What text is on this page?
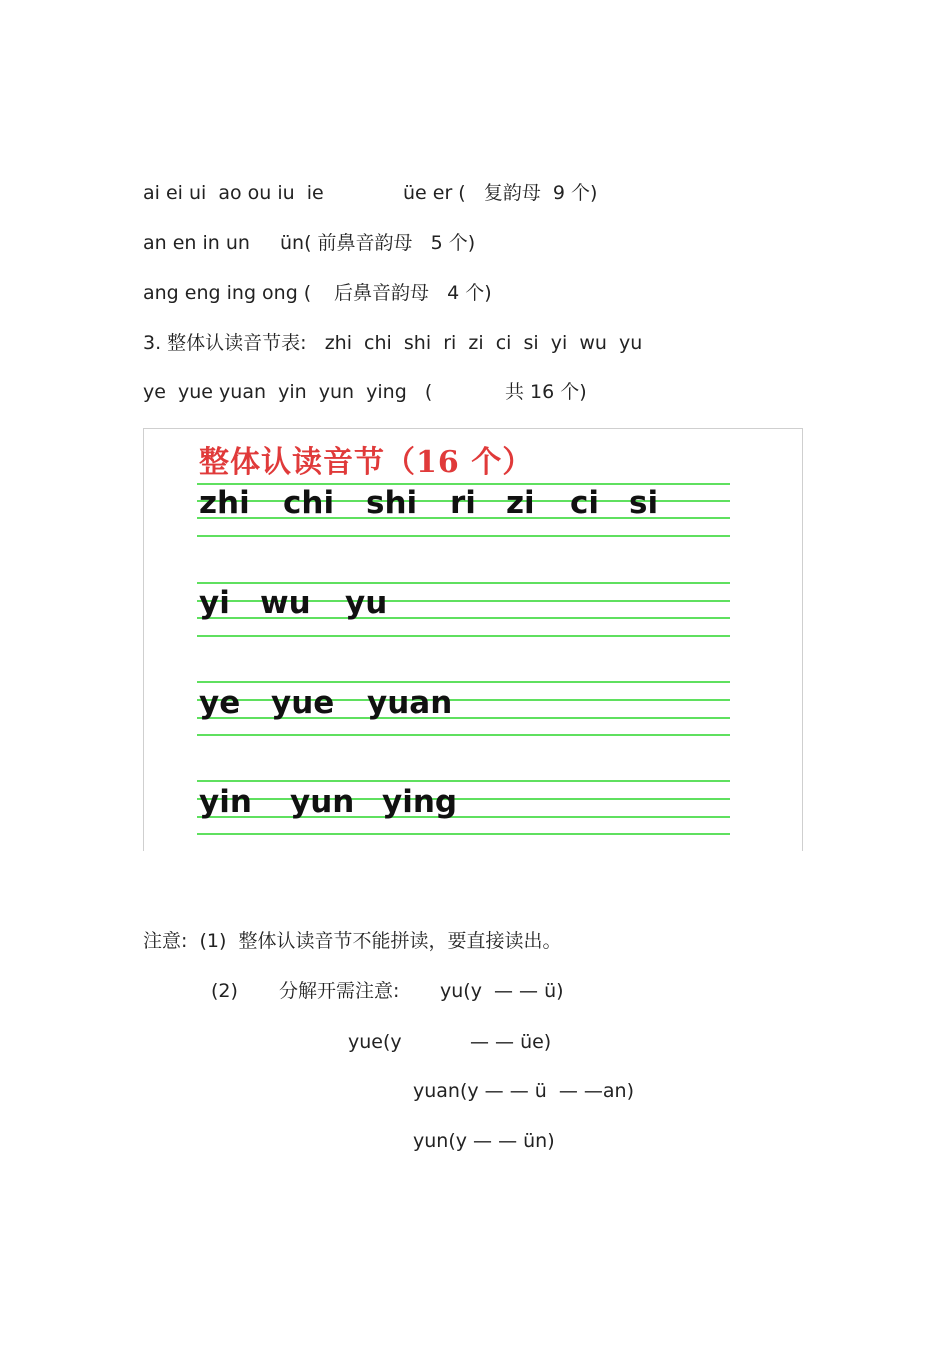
ai ei ui  ao ou iu  ie	üe er (   复韵母  9 个)
an en in un ün( 前鼻音韵母   5 个)
ang eng ing ong ( 后鼻音韵母   4 个)
3. 整体认读音节表:   zhi  chi  shi  ri  zi  ci  si  yi  wu  yu
ye  yue yuan  yin  yun  ying   (	共 16 个)
整体认读音节（16 个）
zhi chi shi ri zi ci si
yi wu yu
ye yue yuan
yin yun ying
注意:  (1)  整体认读音节不能拼读，要直接读出。
(2) 分解开需注意: yu(y  — — ü)
yue(y	— — üe)
yuan(y — — ü  — —an)
yun(y — — ün)
